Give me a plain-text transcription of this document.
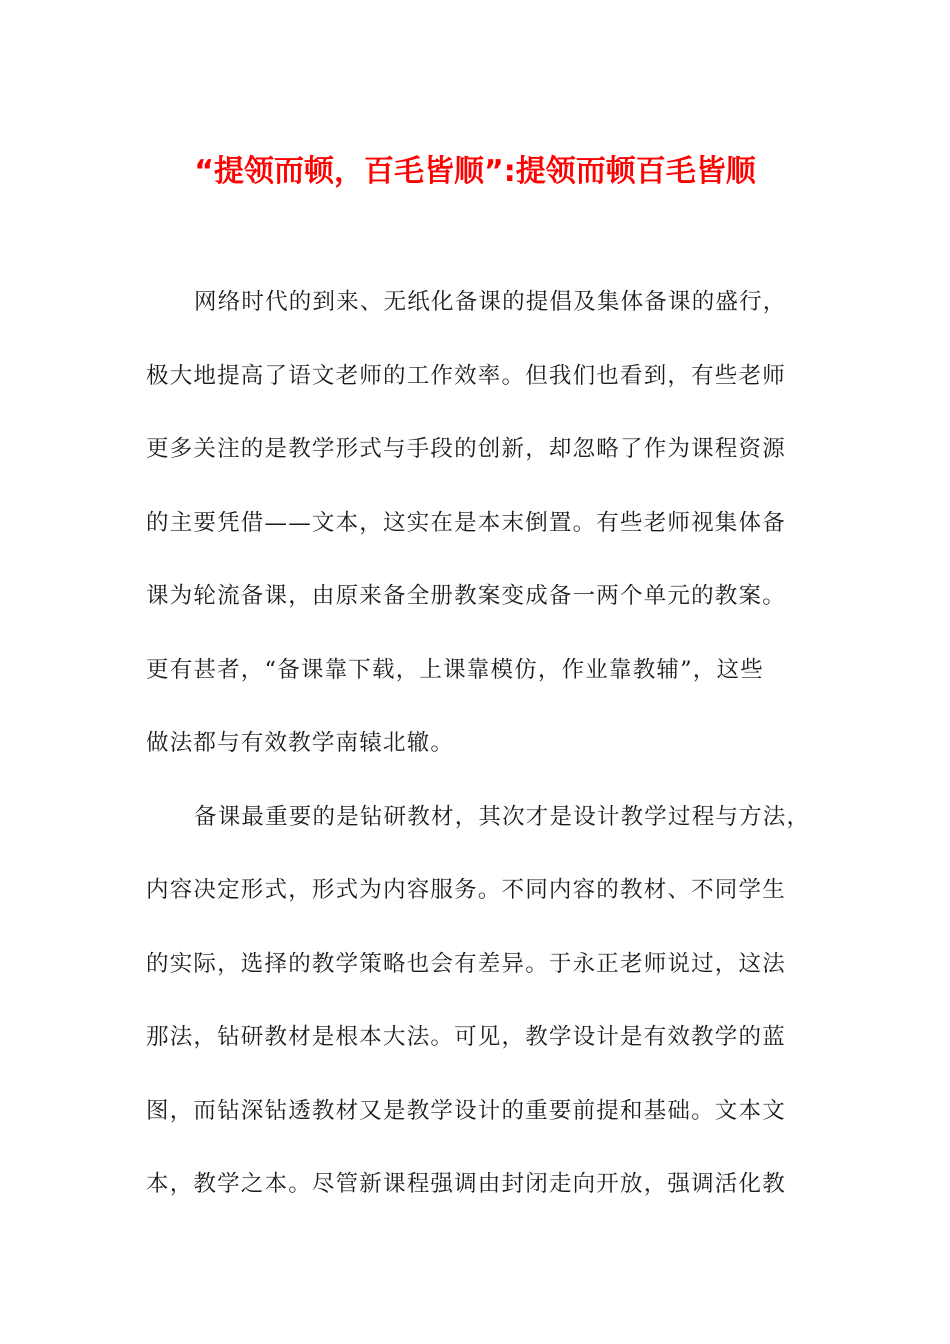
“提领而顿，百毛皆顺”:提领而顿百毛皆顺
网络时代的到来、无纸化备课的提倡及集体备课的盛行，
极大地提高了语文老师的工作效率。但我们也看到，有些老师
更多关注的是教学形式与手段的创新，却忽略了作为课程资源
的主要凭借——文本，这实在是本末倒置。有些老师视集体备
课为轮流备课，由原来备全册教案变成备一两个单元的教案。
更有甚者，“备课靠下载，上课靠模仿，作业靠教辅”，这些
做法都与有效教学南辕北辙。
备课最重要的是钻研教材，其次才是设计教学过程与方法，
内容决定形式，形式为内容服务。不同内容的教材、不同学生
的实际，选择的教学策略也会有差异。于永正老师说过，这法
那法，钻研教材是根本大法。可见，教学设计是有效教学的蓝
图，而钻深钻透教材又是教学设计的重要前提和基础。文本文
本，教学之本。尽管新课程强调由封闭走向开放，强调活化教
